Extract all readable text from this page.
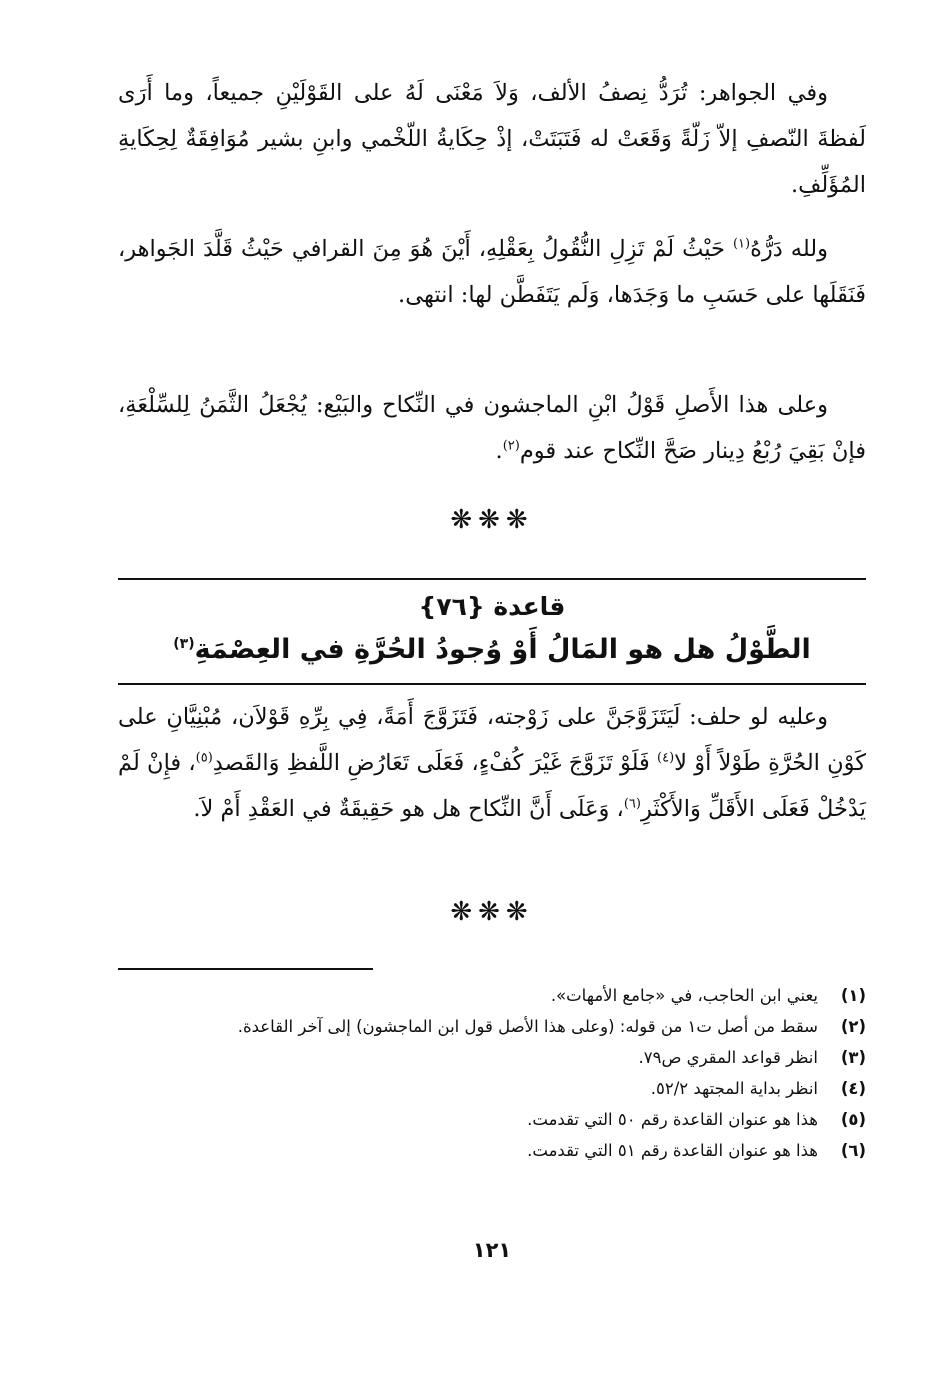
وفي الجواهر: تُرَدُّ نِصفُ الألف، وَلاَ مَعْنَى لَهُ على القَوْلَيْنِ جميعاً، وما أَرَى لَفظةَ النّصفِ إلاّ زَلّةً وَقَعَتْ له فَتَبَتَتْ، إذْ حِكَايةُ اللّخْمي وابنِ بشير مُوَافِقَةٌ لِحِكَايةِ المُؤَلِّفِ.

ولله دَرُّهُ$^{(١)}$ حَيْثُ لَمْ تَزِلِ النُّقُولُ بِعَقْلِهِ، أَيْنَ هُوَ مِنَ القرافي حَيْثُ قَلَّدَ الجَواهر، فَنَقَلَها على حَسَبِ ما وَجَدَها، وَلَم يَتَفَطَّن لها: انتهى.

وعلى هذا الأَصلِ قَوْلُ ابْنِ الماجشون في النِّكاح والبَيْع: يُجْعَلُ الثَّمَنُ لِلسِّلْعَةِ، فإنْ بَقِيَ رُبْعُ دِينار صَحَّ النِّكاح عند قوم$^{(٢)}$.

❋❋❋
قاعدة {٧٦}
الطَّوْلُ هل هو المَالُ أَوْ وُجودُ الحُرَّةِ في العِصْمَةِ$^{(٣)}$

وعليه لو حلف: لَيَتَزَوَّجَنَّ على زَوْجته، فَتَزَوَّجَ أَمَةً، فِي بِرِّهِ قَوْلاَن، مُبْنِيَّانِ على كَوْنِ الحُرَّةِ طَوْلاً أَوْ لا$^{(٤)}$ فَلَوْ تَزَوَّجَ غَيْرَ كُفْءٍ، فَعَلَى تَعَارُضِ اللَّفظِ وَالقَصدِ$^{(٥)}$، فإِنْ لَمْ يَدْخُلْ فَعَلَى الأَقَلِّ وَالأَكْثَرِ$^{(٦)}$، وَعَلَى أَنَّ النِّكاح هل هو حَقِيقَةٌ في العَقْدِ أَمْ لاَ.

❋❋❋
(١)
يعني ابن الحاجب، في «جامع الأمهات».
(٢)
سقط من أصل ت١ من قوله: (وعلى هذا الأصل قول ابن الماجشون) إلى آخر القاعدة.
(٣)
انظر قواعد المقري ص٧٩.
(٤)
انظر بداية المجتهد ٥٢/٢.
(٥)
هذا هو عنوان القاعدة رقم ٥٠ التي تقدمت.
(٦)
هذا هو عنوان القاعدة رقم ٥١ التي تقدمت.
١٢١
